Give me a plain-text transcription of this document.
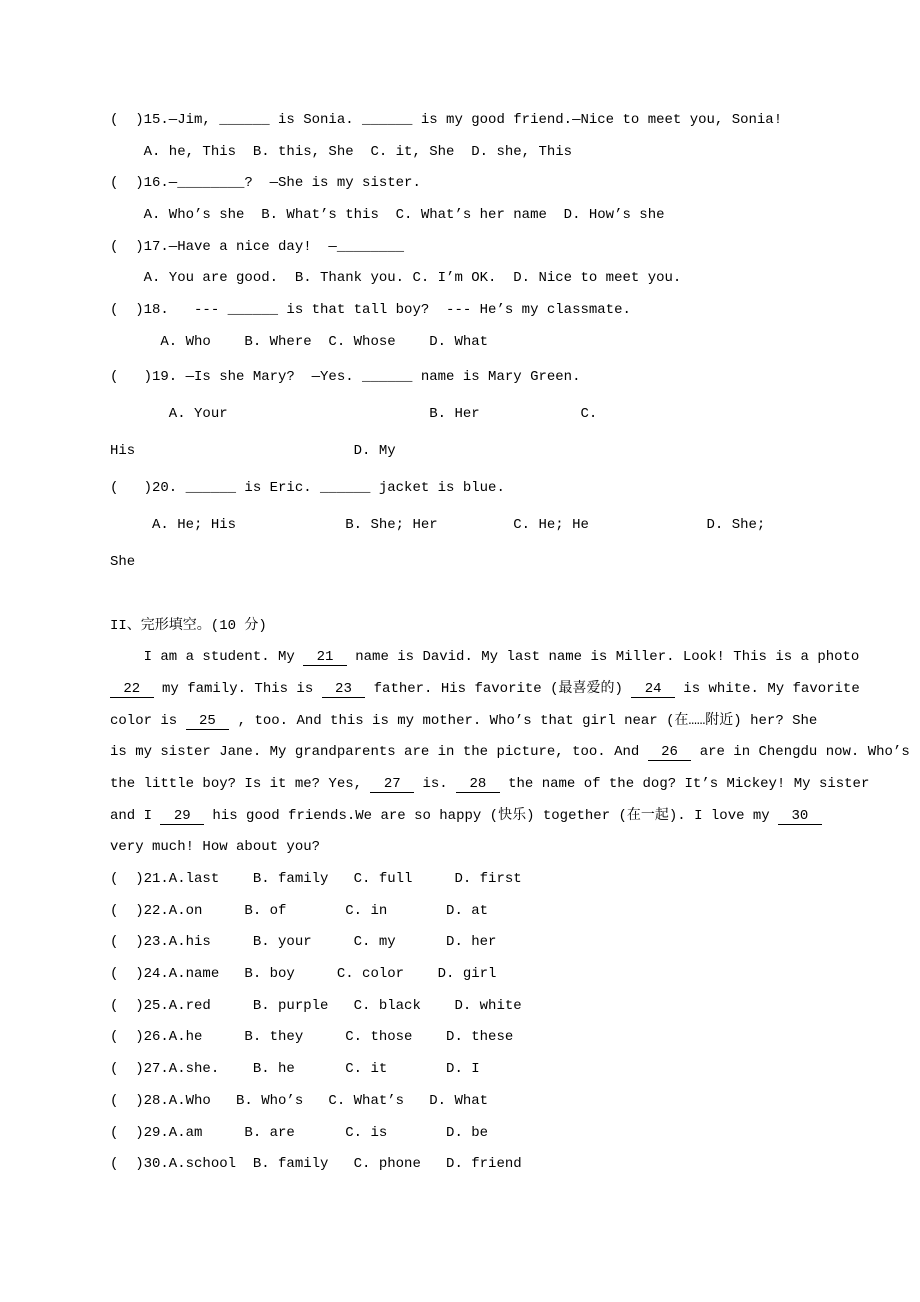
(  )15.—Jim, ______ is Sonia. ______ is my good friend.—Nice to meet you, Sonia!
A. he, This  B. this, She  C. it, She  D. she, This
(  )16.—________?  —She is my sister.
A. Who’s she  B. What’s this  C. What’s her name  D. How’s she
(  )17.—Have a nice day!  —________
A. You are good.  B. Thank you. C. I’m OK.  D. Nice to meet you.
(  )18.   --- ______ is that tall boy?  --- He’s my classmate.
A. Who    B. Where  C. Whose    D. What
(   )19. —Is she Mary?  —Yes. ______ name is Mary Green.
A. Your                        B. Her            C.
His                          D. My
(   )20. ______ is Eric. ______ jacket is blue.
A. He; His             B. She; Her         C. He; He              D. She;
She
II、完形填空。(10 分)
I am a student. My  21  name is David. My last name is Miller. Look! This is a photo
22  my family. This is  23  father. His favorite (最喜爱的)  24  is white. My favorite
color is  25  , too. And this is my mother. Who’s that girl near (在……附近) her? She
is my sister Jane. My grandparents are in the picture, too. And  26  are in Chengdu now. Who’s
the little boy? Is it me? Yes,  27  is.  28  the name of the dog? It’s Mickey! My sister
and I  29  his good friends.We are so happy (快乐) together (在一起). I love my  30
very much! How about you?
(  )21.A.last    B. family   C. full     D. first
(  )22.A.on     B. of       C. in       D. at
(  )23.A.his     B. your     C. my      D. her
(  )24.A.name   B. boy     C. color    D. girl
(  )25.A.red     B. purple   C. black    D. white
(  )26.A.he     B. they     C. those    D. these
(  )27.A.she.    B. he      C. it       D. I
(  )28.A.Who   B. Who’s   C. What’s   D. What
(  )29.A.am     B. are      C. is       D. be
(  )30.A.school  B. family   C. phone   D. friend
